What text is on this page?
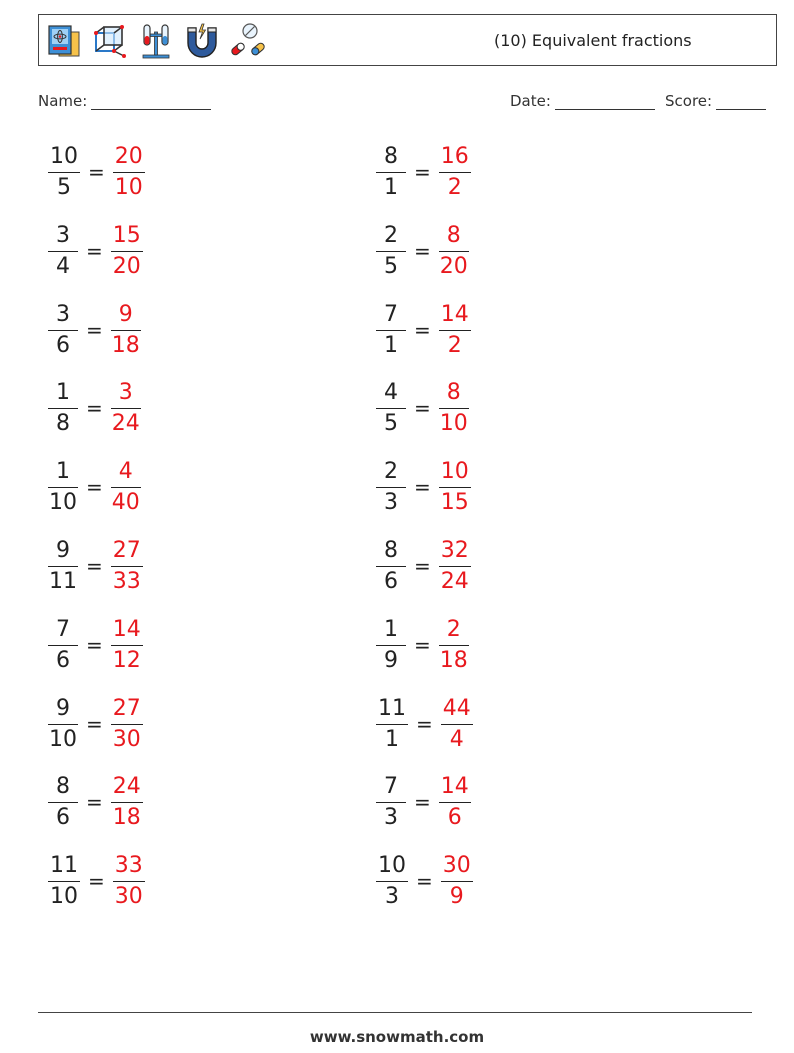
(10) Equivalent fractions
Name:	Date:	Score:
$\frac{10}{5} = \frac{20}{10}$
$\frac{3}{4} = \frac{15}{20}$
$\frac{3}{6} = \frac{9}{18}$
$\frac{1}{8} = \frac{3}{24}$
$\frac{1}{10} = \frac{4}{40}$
$\frac{9}{11} = \frac{27}{33}$
$\frac{7}{6} = \frac{14}{12}$
$\frac{9}{10} = \frac{27}{30}$
$\frac{8}{6} = \frac{24}{18}$
$\frac{11}{10} = \frac{33}{30}$
$\frac{8}{1} = \frac{16}{2}$
$\frac{2}{5} = \frac{8}{20}$
$\frac{7}{1} = \frac{14}{2}$
$\frac{4}{5} = \frac{8}{10}$
$\frac{2}{3} = \frac{10}{15}$
$\frac{8}{6} = \frac{32}{24}$
$\frac{1}{9} = \frac{2}{18}$
$\frac{11}{1} = \frac{44}{4}$
$\frac{7}{3} = \frac{14}{6}$
$\frac{10}{3} = \frac{30}{9}$
www.snowmath.com
